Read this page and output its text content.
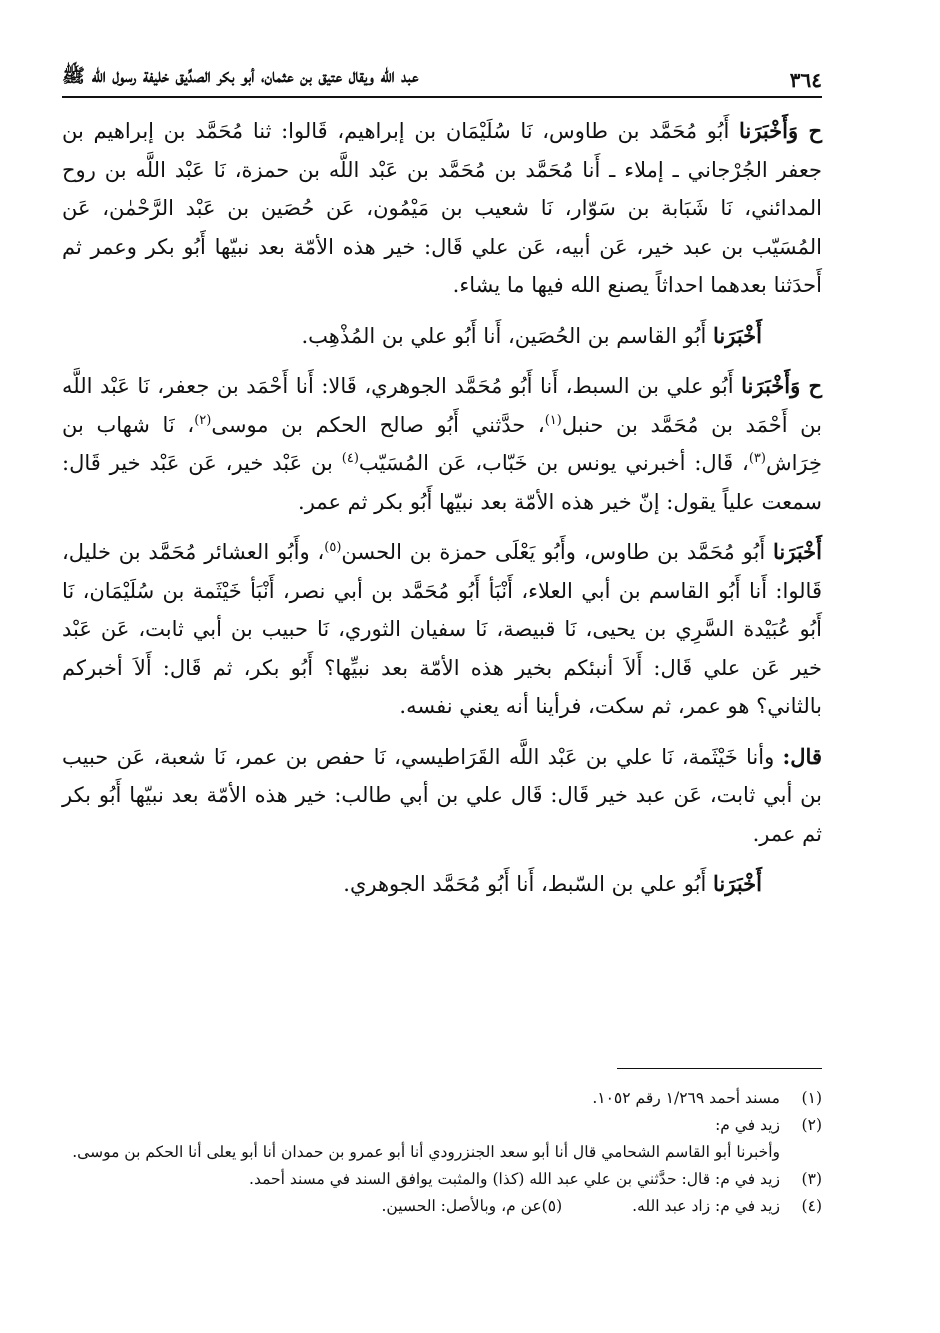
٣٦٤
عبد الله ويقال عتيق بن عثمان، أبو بكر الصدِّيق خليفة رسول الله ﷺ

ح وَأَخْبَرَنا أَبُو مُحَمَّد بن طاوس، نَا سُلَيْمَان بن إبراهيم، قَالوا: ثنا مُحَمَّد بن إبراهيم بن جعفر الجُرْجاني ـ إملاء ـ أَنا مُحَمَّد بن مُحَمَّد بن عَبْد اللَّه بن حمزة، نَا عَبْد اللَّه بن روح المدائني، نَا شَبَابة بن سَوّار، نَا شعيب بن مَيْمُون، عَن حُصَين بن عَبْد الرَّحْمٰن، عَن المُسَيّب بن عبد خير، عَن أبيه، عَن علي قَال: خير هذه الأمّة بعد نبيّها أَبُو بكر وعمر ثم أَحدَثنا بعدهما احداثاً يصنع الله فيها ما يشاء.

أَخْبَرَنا أَبُو القاسم بن الحُصَين، أَنا أَبُو علي بن المُذْهِب.

ح وَأَخْبَرَنا أَبُو علي بن السبط، أَنا أَبُو مُحَمَّد الجوهري، قَالا: أَنا أَحْمَد بن جعفر، نَا عَبْد اللَّه بن أَحْمَد بن مُحَمَّد بن حنبل$^{(١)}$، حدَّثني أَبُو صالح الحكم بن موسى$^{(٢)}$، نَا شهاب بن خِرَاش$^{(٣)}$، قَال: أخبرني يونس بن خَبّاب، عَن المُسَيّب$^{(٤)}$ بن عَبْد خير، عَن عَبْد خير قَال: سمعت علياً يقول: إنّ خير هذه الأمّة بعد نبيّها أَبُو بكر ثم عمر.

أَخْبَرَنا أَبُو مُحَمَّد بن طاوس، وأَبُو يَعْلَى حمزة بن الحسن$^{(٥)}$، وأَبُو العشائر مُحَمَّد بن خليل، قَالوا: أَنا أَبُو القاسم بن أبي العلاء، أَنْبَأ أَبُو مُحَمَّد بن أبي نصر، أَنْبَأ خَيْثَمة بن سُلَيْمَان، نَا أَبُو عُبَيْدة السَّرِي بن يحيى، نَا قبيصة، نَا سفيان الثوري، نَا حبيب بن أبي ثابت، عَن عَبْد خير عَن علي قَال: أَلاَ أنبئكم بخير هذه الأمّة بعد نبيِّها؟ أَبُو بكر، ثم قَال: أَلاَ أخبركم بالثاني؟ هو عمر، ثم سكت، فرأينا أنه يعني نفسه.

قال: وأنا خَيْثَمة، نَا علي بن عَبْد اللَّه القَرَاطيسي، نَا حفص بن عمر، نَا شعبة، عَن حبيب بن أبي ثابت، عَن عبد خير قَال: قَال علي بن أبي طالب: خير هذه الأمّة بعد نبيّها أَبُو بكر ثم عمر.

أَخْبَرَنا أَبُو علي بن السّبط، أَنا أَبُو مُحَمَّد الجوهري.

(١)
مسند أحمد ١/٢٦٩ رقم ١٠٥٢.
(٢)
زيد في م:
وأخبرنا أبو القاسم الشحامي قال أنا أبو سعد الجنزرودي أنا أبو عمرو بن حمدان أنا أبو يعلى أنا الحكم بن موسى.
(٣)
زيد في م: قال: حدَّثني بن علي عبد الله (كذا) والمثبت يوافق السند في مسند أحمد.
(٤)
زيد في م: زاد عبد الله.
(٥)
عن م، وبالأصل: الحسين.
